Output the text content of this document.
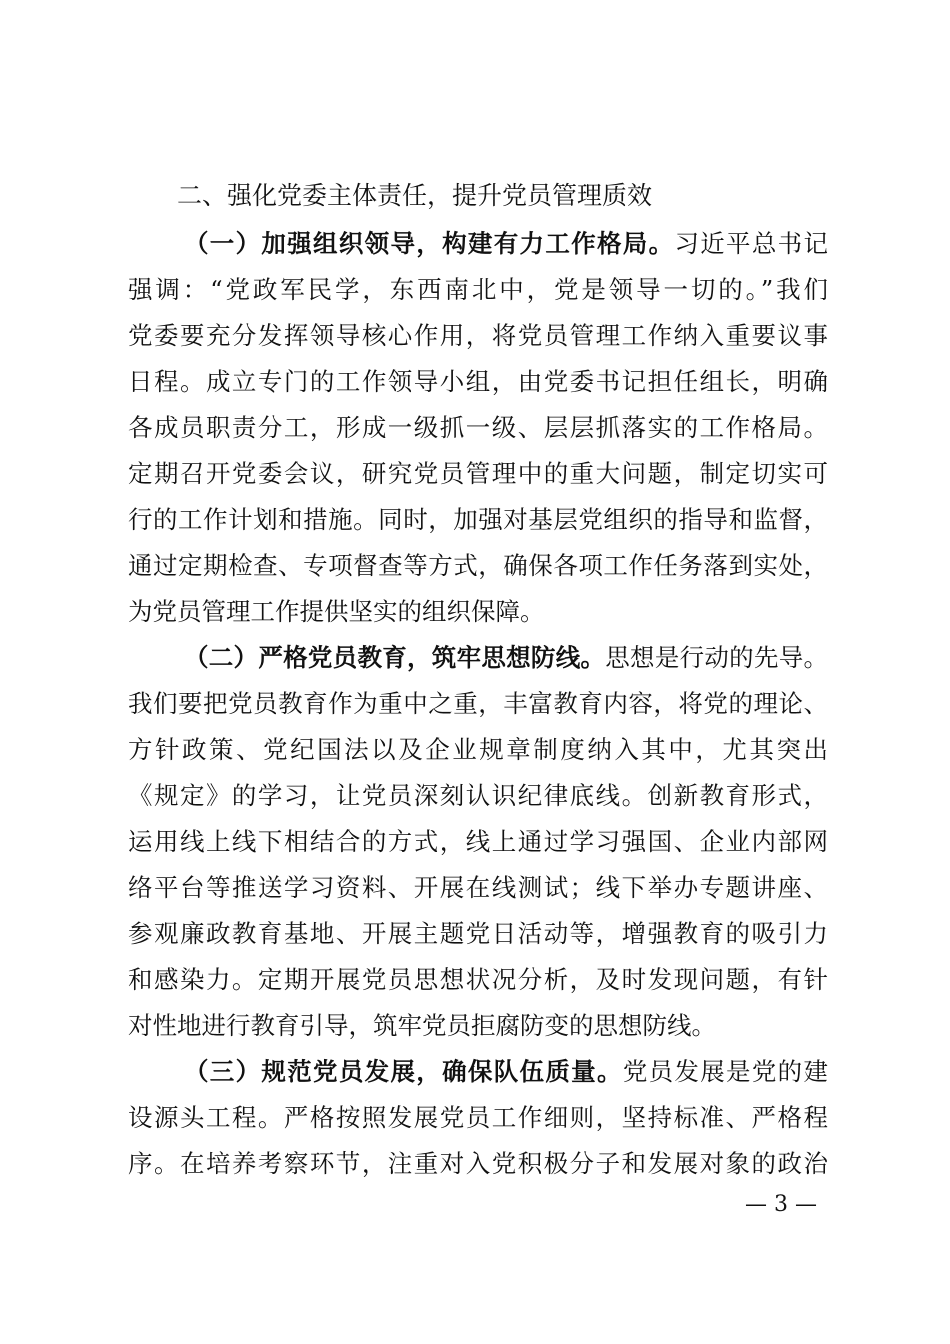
二、强化党委主体责任，提升党员管理质效
（一）加强组织领导，构建有力工作格局。习近平总书记
强调：“党政军民学，东西南北中，党是领导一切的。”我们
党委要充分发挥领导核心作用，将党员管理工作纳入重要议事
日程。成立专门的工作领导小组，由党委书记担任组长，明确
各成员职责分工，形成一级抓一级、层层抓落实的工作格局。
定期召开党委会议，研究党员管理中的重大问题，制定切实可
行的工作计划和措施。同时，加强对基层党组织的指导和监督，
通过定期检查、专项督查等方式，确保各项工作任务落到实处，
为党员管理工作提供坚实的组织保障。
（二）严格党员教育，筑牢思想防线。思想是行动的先导。
我们要把党员教育作为重中之重，丰富教育内容，将党的理论、
方针政策、党纪国法以及企业规章制度纳入其中，尤其突出
《规定》的学习，让党员深刻认识纪律底线。创新教育形式，
运用线上线下相结合的方式，线上通过学习强国、企业内部网
络平台等推送学习资料、开展在线测试；线下举办专题讲座、
参观廉政教育基地、开展主题党日活动等，增强教育的吸引力
和感染力。定期开展党员思想状况分析，及时发现问题，有针
对性地进行教育引导，筑牢党员拒腐防变的思想防线。
（三）规范党员发展，确保队伍质量。党员发展是党的建
设源头工程。严格按照发展党员工作细则，坚持标准、严格程
序。在培养考察环节，注重对入党积极分子和发展对象的政治
— 3 —
